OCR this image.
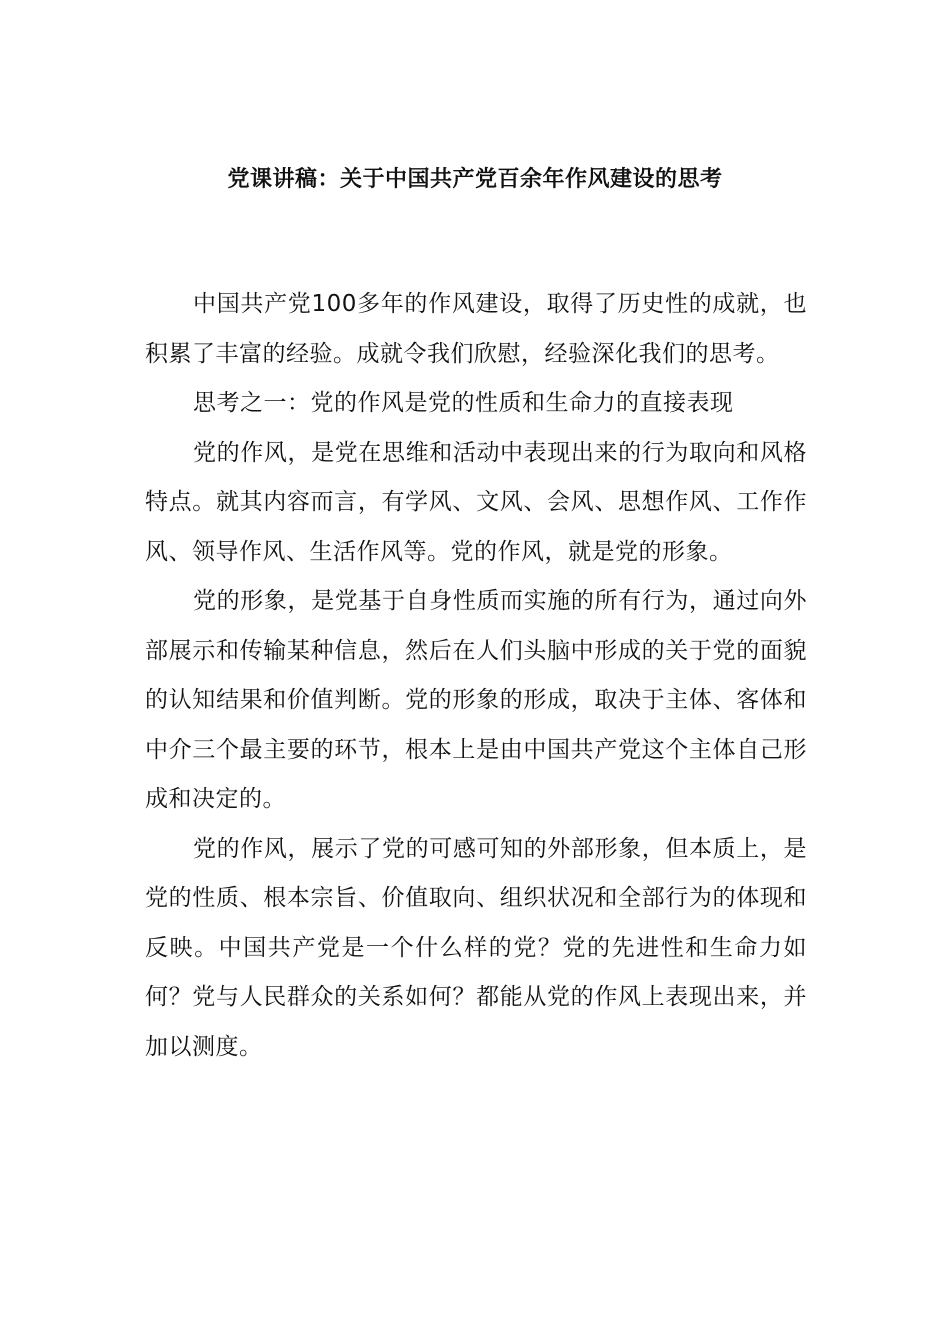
党课讲稿：关于中国共产党百余年作风建设的思考

中国共产党100多年的作风建设，取得了历史性的成就，也积累了丰富的经验。成就令我们欣慰，经验深化我们的思考。

思考之一：党的作风是党的性质和生命力的直接表现

党的作风，是党在思维和活动中表现出来的行为取向和风格特点。就其内容而言，有学风、文风、会风、思想作风、工作作风、领导作风、生活作风等。党的作风，就是党的形象。

党的形象，是党基于自身性质而实施的所有行为，通过向外部展示和传输某种信息，然后在人们头脑中形成的关于党的面貌的认知结果和价值判断。党的形象的形成，取决于主体、客体和中介三个最主要的环节，根本上是由中国共产党这个主体自己形成和决定的。

党的作风，展示了党的可感可知的外部形象，但本质上，是党的性质、根本宗旨、价值取向、组织状况和全部行为的体现和反映。中国共产党是一个什么样的党？党的先进性和生命力如何？党与人民群众的关系如何？都能从党的作风上表现出来，并加以测度。
